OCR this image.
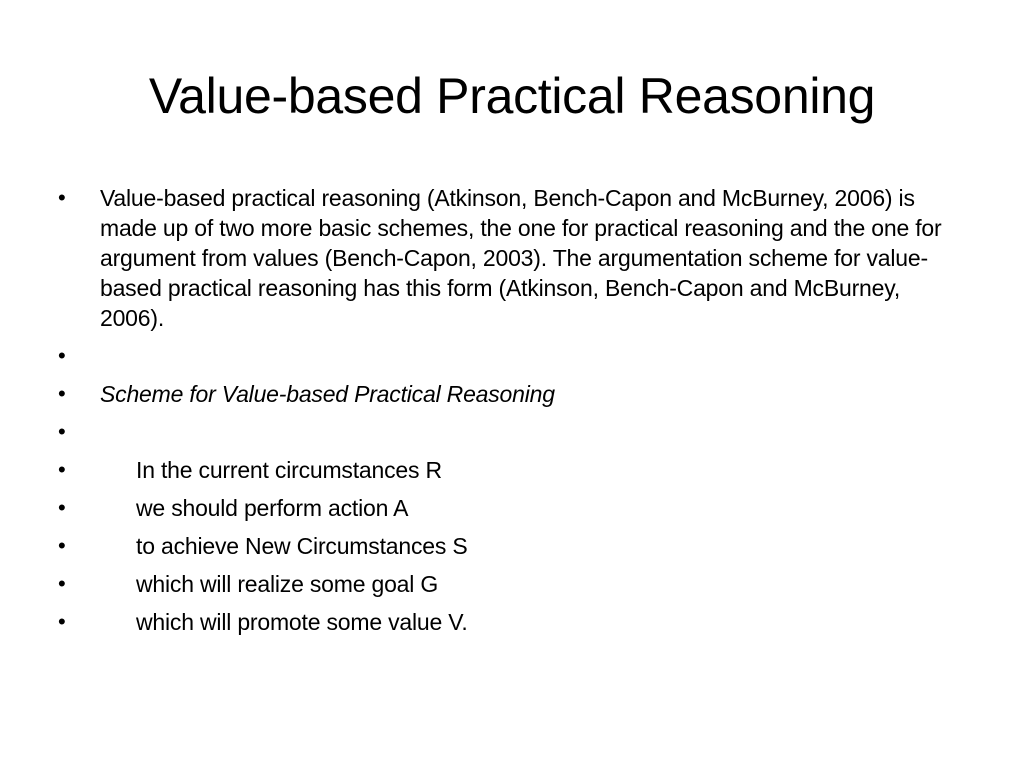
Value-based Practical Reasoning
•	Value-based practical reasoning (Atkinson, Bench-Capon and McBurney, 2006) is made up of two more basic schemes, the one for practical reasoning and the one for argument from values (Bench-Capon, 2003). The argumentation scheme for value-based practical reasoning has this form (Atkinson, Bench-Capon and McBurney, 2006).
•
•	Scheme for Value-based Practical Reasoning
•
•	In the current circumstances R
•	we should perform action A
•	to achieve New Circumstances S
•	which will realize some goal G
•	which will promote some value V.
